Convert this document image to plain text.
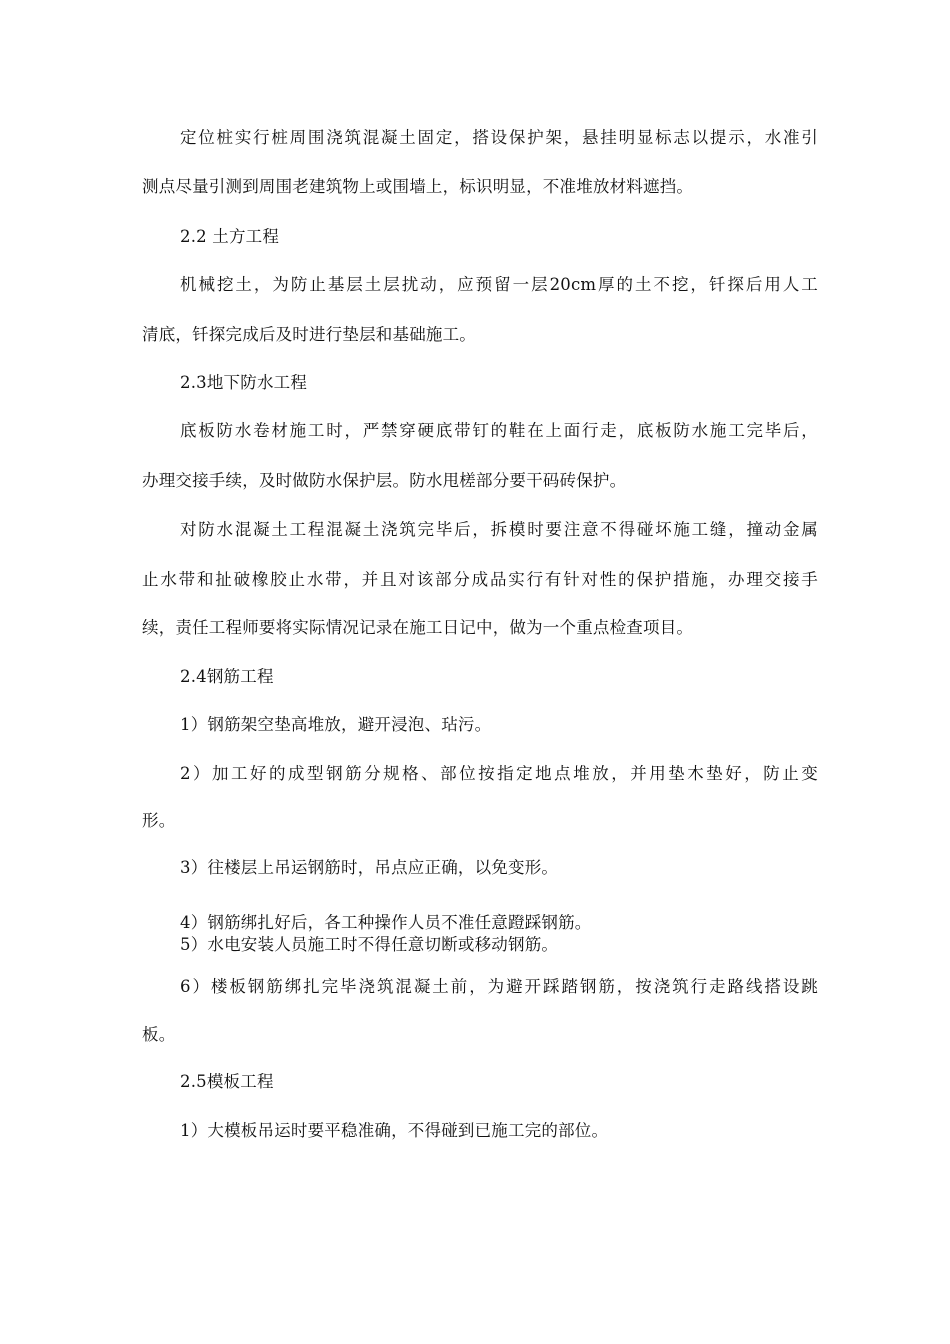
定位桩实行桩周围浇筑混凝土固定，搭设保护架，悬挂明显标志以提示，水准引
测点尽量引测到周围老建筑物上或围墙上，标识明显，不准堆放材料遮挡。
2.2 土方工程
机械挖土，为防止基层土层扰动，应预留一层20cm厚的土不挖，钎探后用人工
清底，钎探完成后及时进行垫层和基础施工。
2.3地下防水工程
底板防水卷材施工时，严禁穿硬底带钉的鞋在上面行走，底板防水施工完毕后，
办理交接手续，及时做防水保护层。防水甩槎部分要干码砖保护。
对防水混凝土工程混凝土浇筑完毕后，拆模时要注意不得碰坏施工缝，撞动金属
止水带和扯破橡胶止水带，并且对该部分成品实行有针对性的保护措施，办理交接手
续，责任工程师要将实际情况记录在施工日记中，做为一个重点检查项目。
2.4钢筋工程
1）钢筋架空垫高堆放，避开浸泡、玷污。
2）加工好的成型钢筋分规格、部位按指定地点堆放，并用垫木垫好，防止变
形。
3）往楼层上吊运钢筋时，吊点应正确，以免变形。
4）钢筋绑扎好后，各工种操作人员不准任意蹬踩钢筋。
5）水电安装人员施工时不得任意切断或移动钢筋。
6）楼板钢筋绑扎完毕浇筑混凝土前，为避开踩踏钢筋，按浇筑行走路线搭设跳
板。
2.5模板工程
1）大模板吊运时要平稳准确，不得碰到已施工完的部位。
